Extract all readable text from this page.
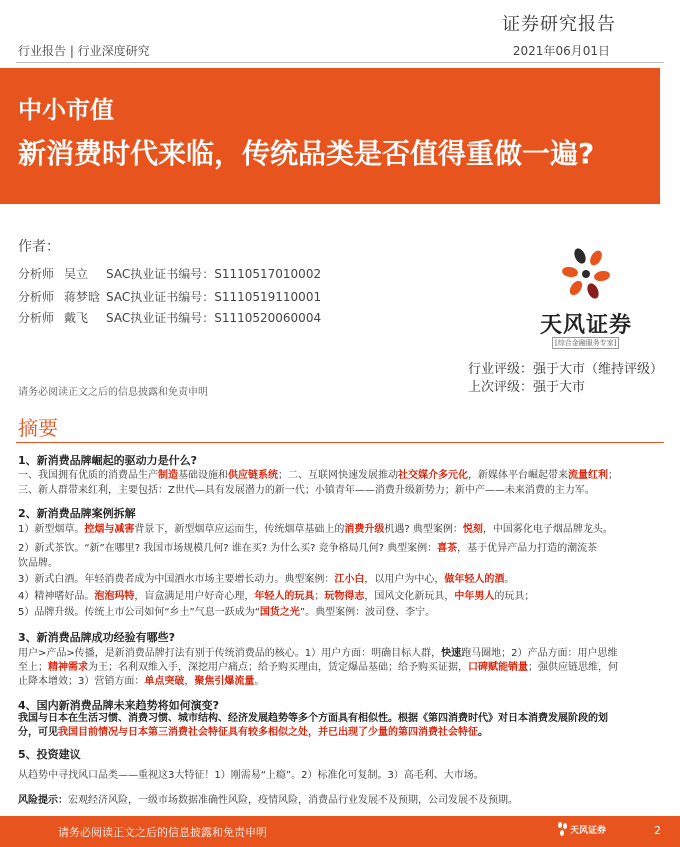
证券研究报告
行业报告 | 行业深度研究	2021年06月01日
中小市值
新消费时代来临，传统品类是否值得重做一遍?
作者：
分析师 吴立 SAC执业证书编号：S1110517010002
分析师 蒋梦晗 SAC执业证书编号：S1110519110001
分析师 戴飞 SAC执业证书编号：S1110520060004	天风证券
[综合金融服务专家]
行业评级：强于大市（维持评级）
上次评级：强于大市
请务必阅读正文之后的信息披露和免责申明
摘要
1、新消费品牌崛起的驱动力是什么?
一、我国拥有优质的消费品生产制造基础设施和供应链系统；二、互联网快速发展推动社交媒介多元化，新媒体平台崛起带来流量红利；
三、新人群带来红利，主要包括：Z世代—具有发展潜力的新一代；小镇青年——消费升级新势力；新中产——未来消费的主力军。
2、新消费品牌案例拆解
1）新型烟草。控烟与减害背景下，新型烟草应运而生，传统烟草基础上的消费升级机遇? 典型案例：悦刻，中国雾化电子烟品牌龙头。
2）新式茶饮。“新”在哪里? 我国市场规模几何? 谁在买? 为什么买? 竞争格局几何? 典型案例：喜茶，基于优异产品力打造的潮流茶
饮品牌。
3）新式白酒。年轻消费者成为中国酒水市场主要增长动力。典型案例：江小白，以用户为中心，做年轻人的酒。
4）精神嗜好品。泡泡玛特，盲盒满足用户好奇心理，年轻人的玩具；玩物得志，国风文化新玩具，中年男人的玩具；
5）品牌升级。传统上市公司如何“乡土”气息一跃成为“国货之光”。典型案例：波司登、李宁。
3、新消费品牌成功经验有哪些?
用户>产品>传播，是新消费品牌打法有别于传统消费品的核心。1）用户方面：明确目标人群，快速跑马圈地；2）产品方面：用户思维
至上；精神需求为王；名利双维入手，深挖用户痛点；给予购买理由，赁定爆品基础；给予购买证据，口碑赋能销量；强供应链思维，何
止降本增效；3）营销方面：单点突破，聚焦引爆流量。
4、国内新消费品牌未来趋势将如何演变?
我国与日本在生活习惯、消费习惯、城市结构、经济发展趋势等多个方面具有相似性。根据《第四消费时代》对日本消费发展阶段的划
分，可见我国目前情况与日本第三消费社会特征具有较多相似之处，并已出现了少量的第四消费社会特征。
5、投资建议
从趋势中寻找风口品类——重视这3大特征！1）刚需易“上瘾”。2）标准化可复制。3）高毛利、大市场。
风险提示：宏观经济风险，一级市场数据准确性风险，疫情风险，消费品行业发展不及预期，公司发展不及预期。
请务必阅读正文之后的信息披露和免责申明	天风证券	2
